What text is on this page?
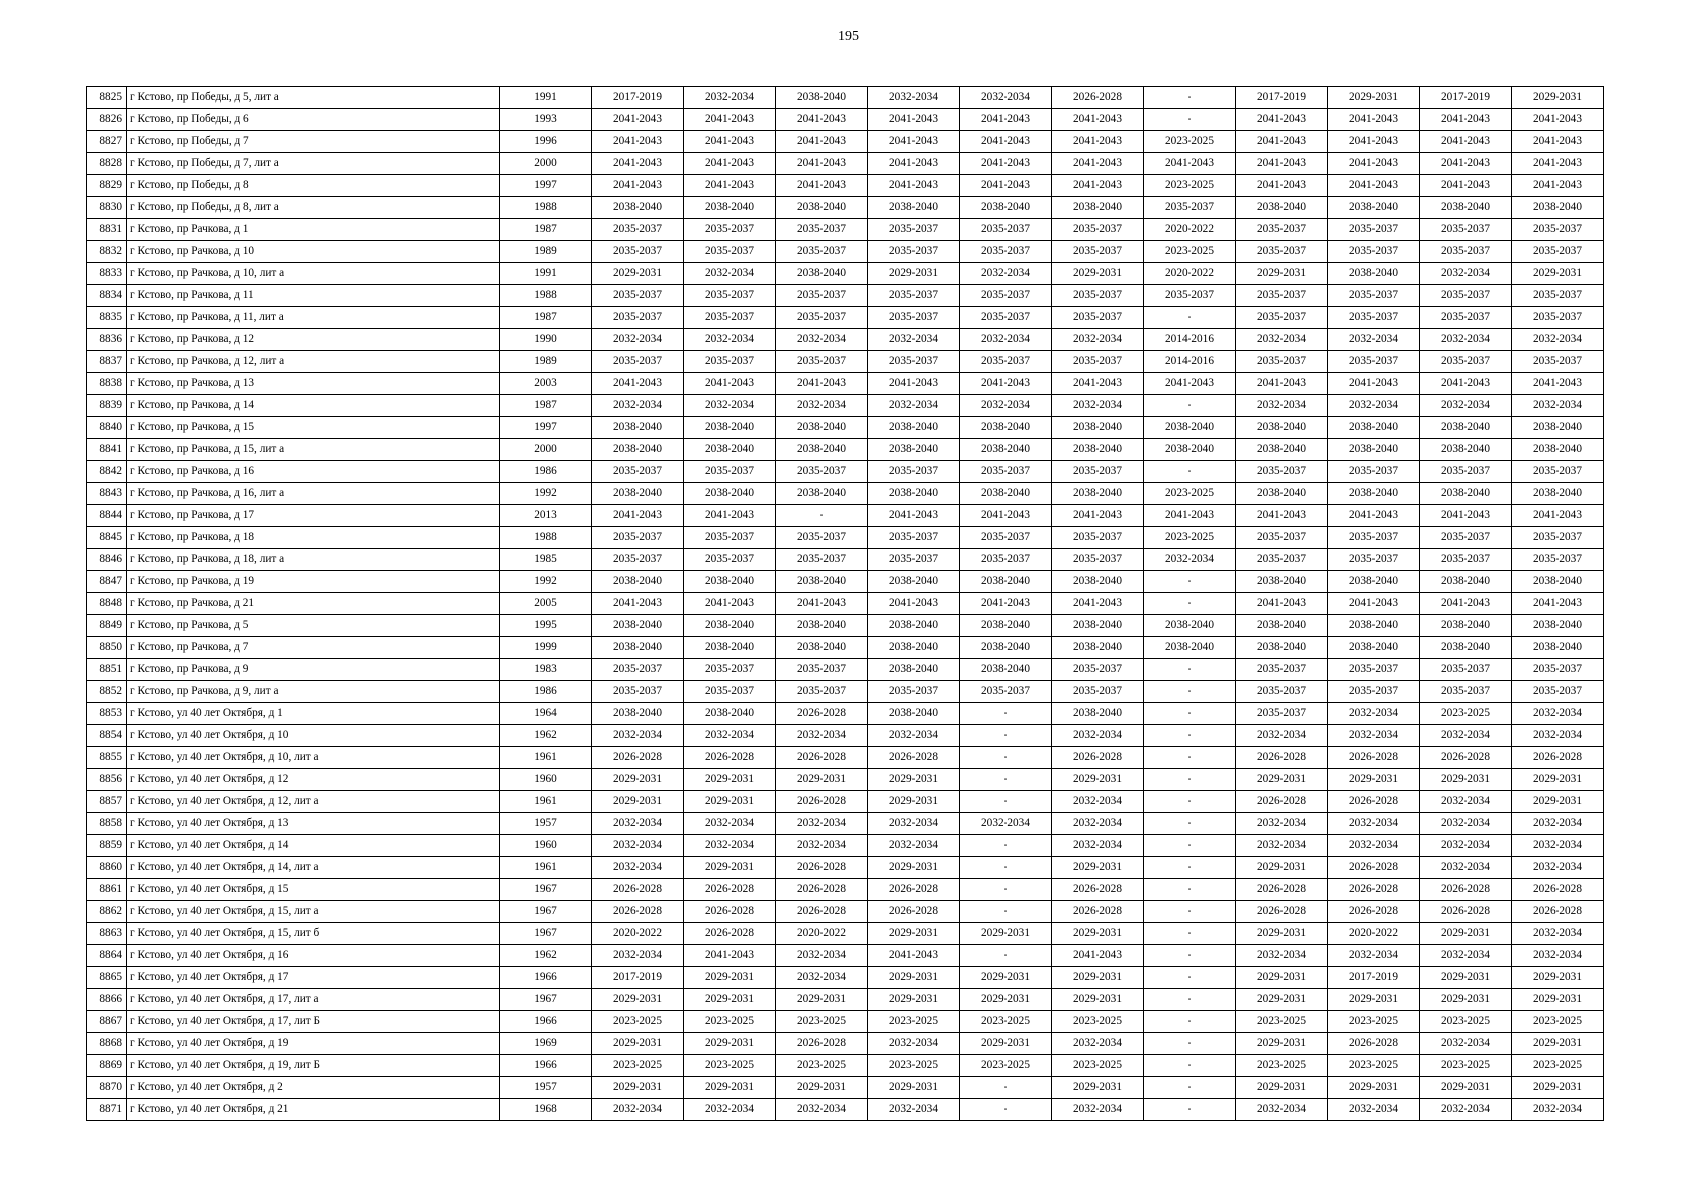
195
8825	г Кстово, пр Победы, д 5, лит а	1991	2017-2019	2032-2034	2038-2040	2032-2034	2032-2034	2026-2028	-	2017-2019	2029-2031	2017-2019	2029-2031
8826	г Кстово, пр Победы, д 6	1993	2041-2043	2041-2043	2041-2043	2041-2043	2041-2043	2041-2043	-	2041-2043	2041-2043	2041-2043	2041-2043
8827	г Кстово, пр Победы, д 7	1996	2041-2043	2041-2043	2041-2043	2041-2043	2041-2043	2041-2043	2023-2025	2041-2043	2041-2043	2041-2043	2041-2043
8828	г Кстово, пр Победы, д 7, лит а	2000	2041-2043	2041-2043	2041-2043	2041-2043	2041-2043	2041-2043	2041-2043	2041-2043	2041-2043	2041-2043	2041-2043
8829	г Кстово, пр Победы, д 8	1997	2041-2043	2041-2043	2041-2043	2041-2043	2041-2043	2041-2043	2023-2025	2041-2043	2041-2043	2041-2043	2041-2043
8830	г Кстово, пр Победы, д 8, лит а	1988	2038-2040	2038-2040	2038-2040	2038-2040	2038-2040	2038-2040	2035-2037	2038-2040	2038-2040	2038-2040	2038-2040
8831	г Кстово, пр Рачкова, д 1	1987	2035-2037	2035-2037	2035-2037	2035-2037	2035-2037	2035-2037	2020-2022	2035-2037	2035-2037	2035-2037	2035-2037
8832	г Кстово, пр Рачкова, д 10	1989	2035-2037	2035-2037	2035-2037	2035-2037	2035-2037	2035-2037	2023-2025	2035-2037	2035-2037	2035-2037	2035-2037
8833	г Кстово, пр Рачкова, д 10, лит а	1991	2029-2031	2032-2034	2038-2040	2029-2031	2032-2034	2029-2031	2020-2022	2029-2031	2038-2040	2032-2034	2029-2031
8834	г Кстово, пр Рачкова, д 11	1988	2035-2037	2035-2037	2035-2037	2035-2037	2035-2037	2035-2037	2035-2037	2035-2037	2035-2037	2035-2037	2035-2037
8835	г Кстово, пр Рачкова, д 11, лит а	1987	2035-2037	2035-2037	2035-2037	2035-2037	2035-2037	2035-2037	-	2035-2037	2035-2037	2035-2037	2035-2037
8836	г Кстово, пр Рачкова, д 12	1990	2032-2034	2032-2034	2032-2034	2032-2034	2032-2034	2032-2034	2014-2016	2032-2034	2032-2034	2032-2034	2032-2034
8837	г Кстово, пр Рачкова, д 12, лит а	1989	2035-2037	2035-2037	2035-2037	2035-2037	2035-2037	2035-2037	2014-2016	2035-2037	2035-2037	2035-2037	2035-2037
8838	г Кстово, пр Рачкова, д 13	2003	2041-2043	2041-2043	2041-2043	2041-2043	2041-2043	2041-2043	2041-2043	2041-2043	2041-2043	2041-2043	2041-2043
8839	г Кстово, пр Рачкова, д 14	1987	2032-2034	2032-2034	2032-2034	2032-2034	2032-2034	2032-2034	-	2032-2034	2032-2034	2032-2034	2032-2034
8840	г Кстово, пр Рачкова, д 15	1997	2038-2040	2038-2040	2038-2040	2038-2040	2038-2040	2038-2040	2038-2040	2038-2040	2038-2040	2038-2040	2038-2040
8841	г Кстово, пр Рачкова, д 15, лит а	2000	2038-2040	2038-2040	2038-2040	2038-2040	2038-2040	2038-2040	2038-2040	2038-2040	2038-2040	2038-2040	2038-2040
8842	г Кстово, пр Рачкова, д 16	1986	2035-2037	2035-2037	2035-2037	2035-2037	2035-2037	2035-2037	-	2035-2037	2035-2037	2035-2037	2035-2037
8843	г Кстово, пр Рачкова, д 16, лит а	1992	2038-2040	2038-2040	2038-2040	2038-2040	2038-2040	2038-2040	2023-2025	2038-2040	2038-2040	2038-2040	2038-2040
8844	г Кстово, пр Рачкова, д 17	2013	2041-2043	2041-2043	-	2041-2043	2041-2043	2041-2043	2041-2043	2041-2043	2041-2043	2041-2043	2041-2043
8845	г Кстово, пр Рачкова, д 18	1988	2035-2037	2035-2037	2035-2037	2035-2037	2035-2037	2035-2037	2023-2025	2035-2037	2035-2037	2035-2037	2035-2037
8846	г Кстово, пр Рачкова, д 18, лит а	1985	2035-2037	2035-2037	2035-2037	2035-2037	2035-2037	2035-2037	2032-2034	2035-2037	2035-2037	2035-2037	2035-2037
8847	г Кстово, пр Рачкова, д 19	1992	2038-2040	2038-2040	2038-2040	2038-2040	2038-2040	2038-2040	-	2038-2040	2038-2040	2038-2040	2038-2040
8848	г Кстово, пр Рачкова, д 21	2005	2041-2043	2041-2043	2041-2043	2041-2043	2041-2043	2041-2043	-	2041-2043	2041-2043	2041-2043	2041-2043
8849	г Кстово, пр Рачкова, д 5	1995	2038-2040	2038-2040	2038-2040	2038-2040	2038-2040	2038-2040	2038-2040	2038-2040	2038-2040	2038-2040	2038-2040
8850	г Кстово, пр Рачкова, д 7	1999	2038-2040	2038-2040	2038-2040	2038-2040	2038-2040	2038-2040	2038-2040	2038-2040	2038-2040	2038-2040	2038-2040
8851	г Кстово, пр Рачкова, д 9	1983	2035-2037	2035-2037	2035-2037	2038-2040	2038-2040	2035-2037	-	2035-2037	2035-2037	2035-2037	2035-2037
8852	г Кстово, пр Рачкова, д 9, лит а	1986	2035-2037	2035-2037	2035-2037	2035-2037	2035-2037	2035-2037	-	2035-2037	2035-2037	2035-2037	2035-2037
8853	г Кстово, ул 40 лет Октября, д 1	1964	2038-2040	2038-2040	2026-2028	2038-2040	-	2038-2040	-	2035-2037	2032-2034	2023-2025	2032-2034
8854	г Кстово, ул 40 лет Октября, д 10	1962	2032-2034	2032-2034	2032-2034	2032-2034	-	2032-2034	-	2032-2034	2032-2034	2032-2034	2032-2034
8855	г Кстово, ул 40 лет Октября, д 10, лит а	1961	2026-2028	2026-2028	2026-2028	2026-2028	-	2026-2028	-	2026-2028	2026-2028	2026-2028	2026-2028
8856	г Кстово, ул 40 лет Октября, д 12	1960	2029-2031	2029-2031	2029-2031	2029-2031	-	2029-2031	-	2029-2031	2029-2031	2029-2031	2029-2031
8857	г Кстово, ул 40 лет Октября, д 12, лит а	1961	2029-2031	2029-2031	2026-2028	2029-2031	-	2032-2034	-	2026-2028	2026-2028	2032-2034	2029-2031
8858	г Кстово, ул 40 лет Октября, д 13	1957	2032-2034	2032-2034	2032-2034	2032-2034	2032-2034	2032-2034	-	2032-2034	2032-2034	2032-2034	2032-2034
8859	г Кстово, ул 40 лет Октября, д 14	1960	2032-2034	2032-2034	2032-2034	2032-2034	-	2032-2034	-	2032-2034	2032-2034	2032-2034	2032-2034
8860	г Кстово, ул 40 лет Октября, д 14, лит а	1961	2032-2034	2029-2031	2026-2028	2029-2031	-	2029-2031	-	2029-2031	2026-2028	2032-2034	2032-2034
8861	г Кстово, ул 40 лет Октября, д 15	1967	2026-2028	2026-2028	2026-2028	2026-2028	-	2026-2028	-	2026-2028	2026-2028	2026-2028	2026-2028
8862	г Кстово, ул 40 лет Октября, д 15, лит а	1967	2026-2028	2026-2028	2026-2028	2026-2028	-	2026-2028	-	2026-2028	2026-2028	2026-2028	2026-2028
8863	г Кстово, ул 40 лет Октября, д 15, лит б	1967	2020-2022	2026-2028	2020-2022	2029-2031	2029-2031	2029-2031	-	2029-2031	2020-2022	2029-2031	2032-2034
8864	г Кстово, ул 40 лет Октября, д 16	1962	2032-2034	2041-2043	2032-2034	2041-2043	-	2041-2043	-	2032-2034	2032-2034	2032-2034	2032-2034
8865	г Кстово, ул 40 лет Октября, д 17	1966	2017-2019	2029-2031	2032-2034	2029-2031	2029-2031	2029-2031	-	2029-2031	2017-2019	2029-2031	2029-2031
8866	г Кстово, ул 40 лет Октября, д 17, лит а	1967	2029-2031	2029-2031	2029-2031	2029-2031	2029-2031	2029-2031	-	2029-2031	2029-2031	2029-2031	2029-2031
8867	г Кстово, ул 40 лет Октября, д 17, лит Б	1966	2023-2025	2023-2025	2023-2025	2023-2025	2023-2025	2023-2025	-	2023-2025	2023-2025	2023-2025	2023-2025
8868	г Кстово, ул 40 лет Октября, д 19	1969	2029-2031	2029-2031	2026-2028	2032-2034	2029-2031	2032-2034	-	2029-2031	2026-2028	2032-2034	2029-2031
8869	г Кстово, ул 40 лет Октября, д 19, лит Б	1966	2023-2025	2023-2025	2023-2025	2023-2025	2023-2025	2023-2025	-	2023-2025	2023-2025	2023-2025	2023-2025
8870	г Кстово, ул 40 лет Октября, д 2	1957	2029-2031	2029-2031	2029-2031	2029-2031	-	2029-2031	-	2029-2031	2029-2031	2029-2031	2029-2031
8871	г Кстово, ул 40 лет Октября, д 21	1968	2032-2034	2032-2034	2032-2034	2032-2034	-	2032-2034	-	2032-2034	2032-2034	2032-2034	2032-2034
